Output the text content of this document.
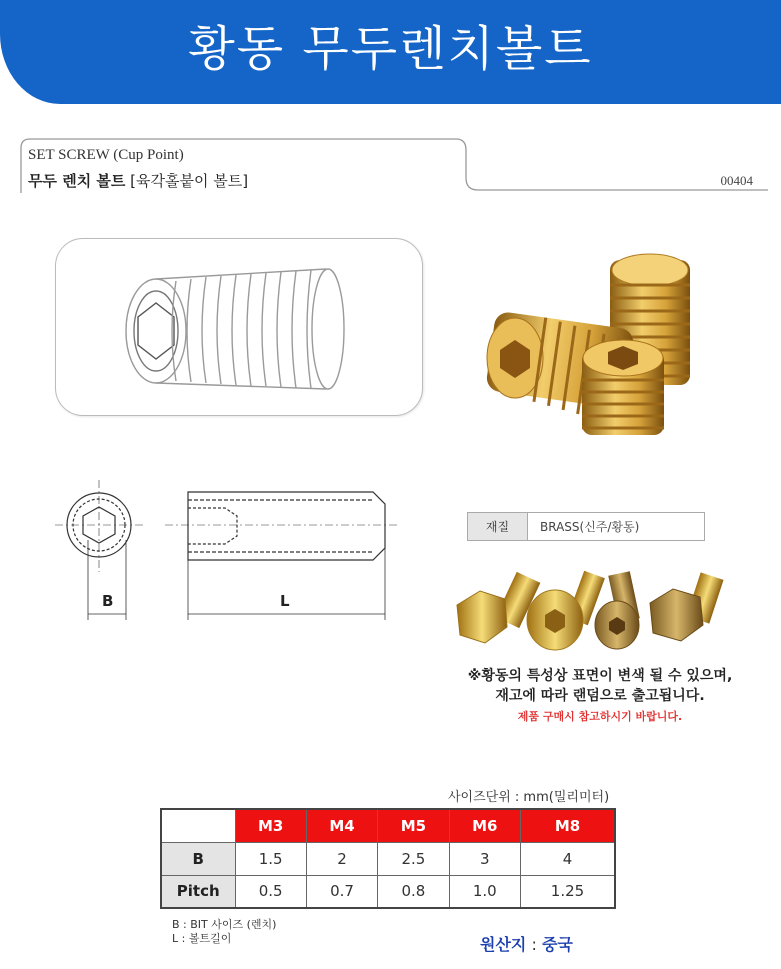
황동 무두렌치볼트
SET SCREW (Cup Point)
무두 렌치 볼트 [육각홀붙이 볼트]	00404
B	L
재질	BRASS(신주/황동)
※황동의 특성상 표면이 변색 될 수 있으며,
재고에 따라 랜덤으로 출고됩니다.
제품 구매시 참고하시기 바랍니다.
사이즈단위 : mm(밀리미터)
	M3	M4	M5	M6	M8
B	1.5	2	2.5	3	4
Pitch	0.5	0.7	0.8	1.0	1.25
B : BIT 사이즈 (렌치)
L : 볼트길이	원산지 : 중국
